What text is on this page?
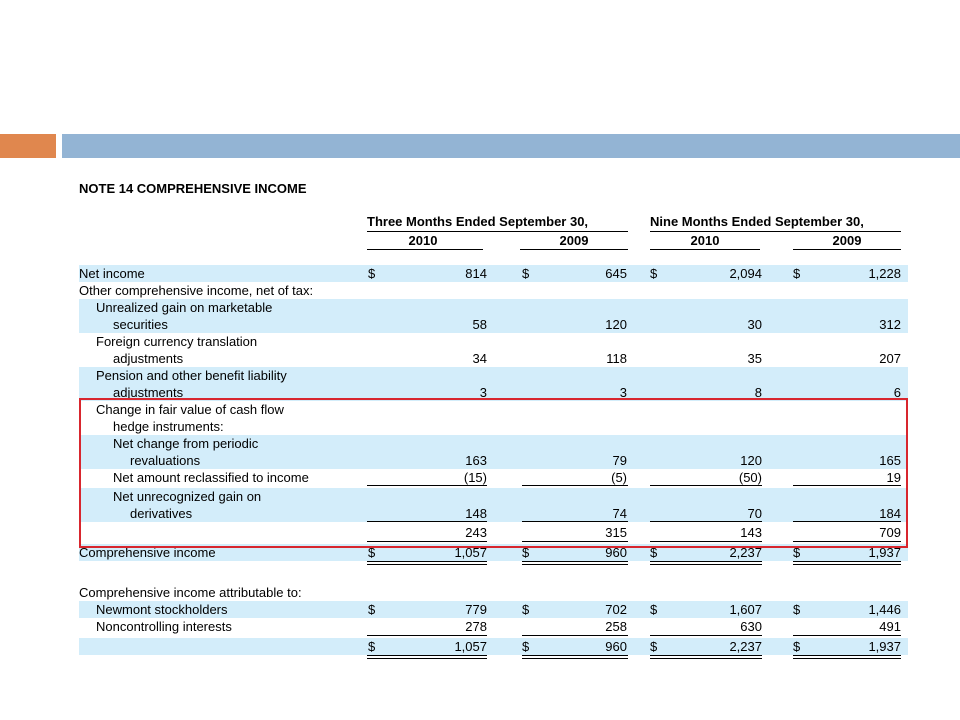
NOTE 14 COMPREHENSIVE INCOME
Three Months Ended September 30,	Nine Months Ended September 30,
2010	2009	2010	2009
Net income	$	814	$	645 $	2,094 $	1,228
Other comprehensive income, net of tax:
Unrealized gain on marketable
securities	58	120	30	312
Foreign currency translation
adjustments	34	118	35	207
Pension and other benefit liability
adjustments	3	3	8	6
Change in fair value of cash flow
hedge instruments:
Net change from periodic
revaluations	163	79	120	165
Net amount reclassified to income	(15)	(5)	(50)	19
Net unrecognized gain on
derivatives	148	74	70	184
243	315	143	709
Comprehensive income	$	1,057	$	960 $	2,237 $	1,937
Comprehensive income attributable to:
Newmont stockholders	$	779	$	702 $	1,607 $	1,446
Noncontrolling interests	278	258	630	491
$	1,057	$	960 $	2,237 $	1,937
